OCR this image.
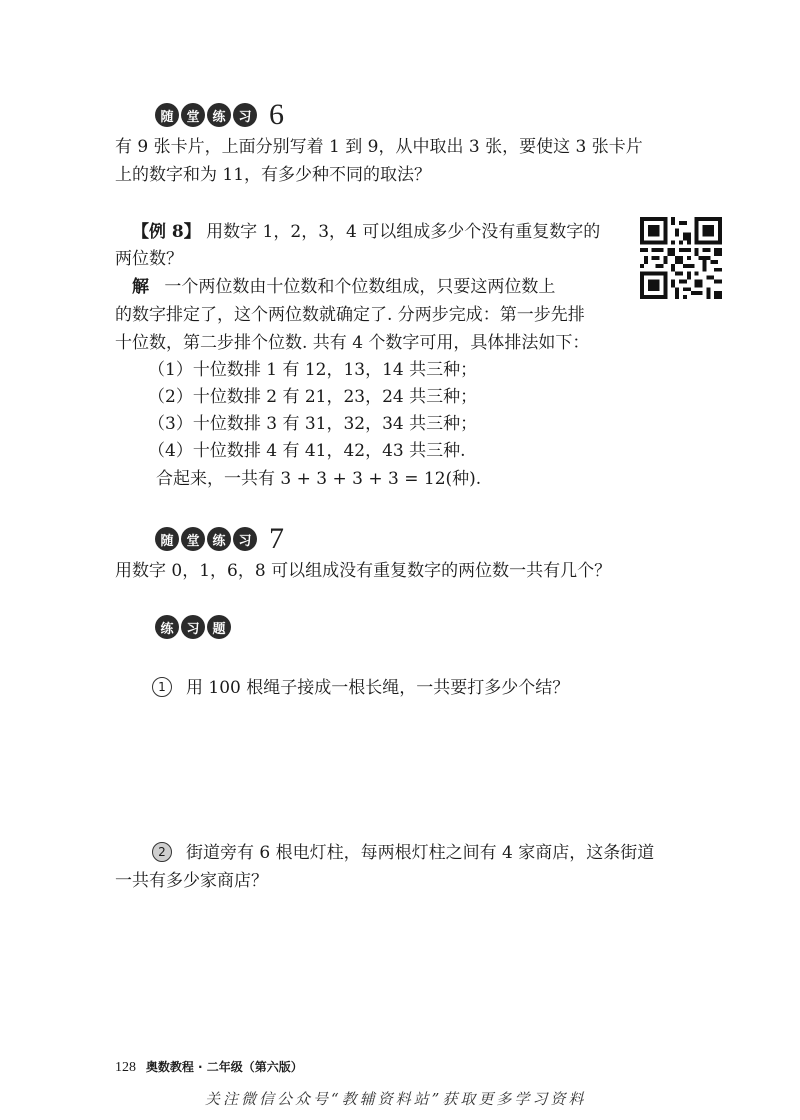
随 堂 练 习 6
有 9 张卡片，上面分别写着 1 到 9，从中取出 3 张，要使这 3 张卡片
上的数字和为 11，有多少种不同的取法？
【例 8】 用数字 1，2，3，4 可以组成多少个没有重复数字的
两位数？
解 一个两位数由十位数和个位数组成，只要这两位数上
的数字排定了，这个两位数就确定了. 分两步完成：第一步先排
十位数，第二步排个位数. 共有 4 个数字可用，具体排法如下：
（1）十位数排 1 有 12，13，14 共三种；
（2）十位数排 2 有 21，23，24 共三种；
（3）十位数排 3 有 31，32，34 共三种；
（4）十位数排 4 有 41，42，43 共三种.
合起来，一共有 3 + 3 + 3 + 3 = 12(种).
随 堂 练 习 7
用数字 0，1，6，8 可以组成没有重复数字的两位数一共有几个？
练 习 题
1 用 100 根绳子接成一根长绳，一共要打多少个结？
2 街道旁有 6 根电灯柱，每两根灯柱之间有 4 家商店，这条街道
一共有多少家商店？
128 奥数教程 · 二年级（第六版）
关注微信公众号“教辅资料站”获取更多学习资料
